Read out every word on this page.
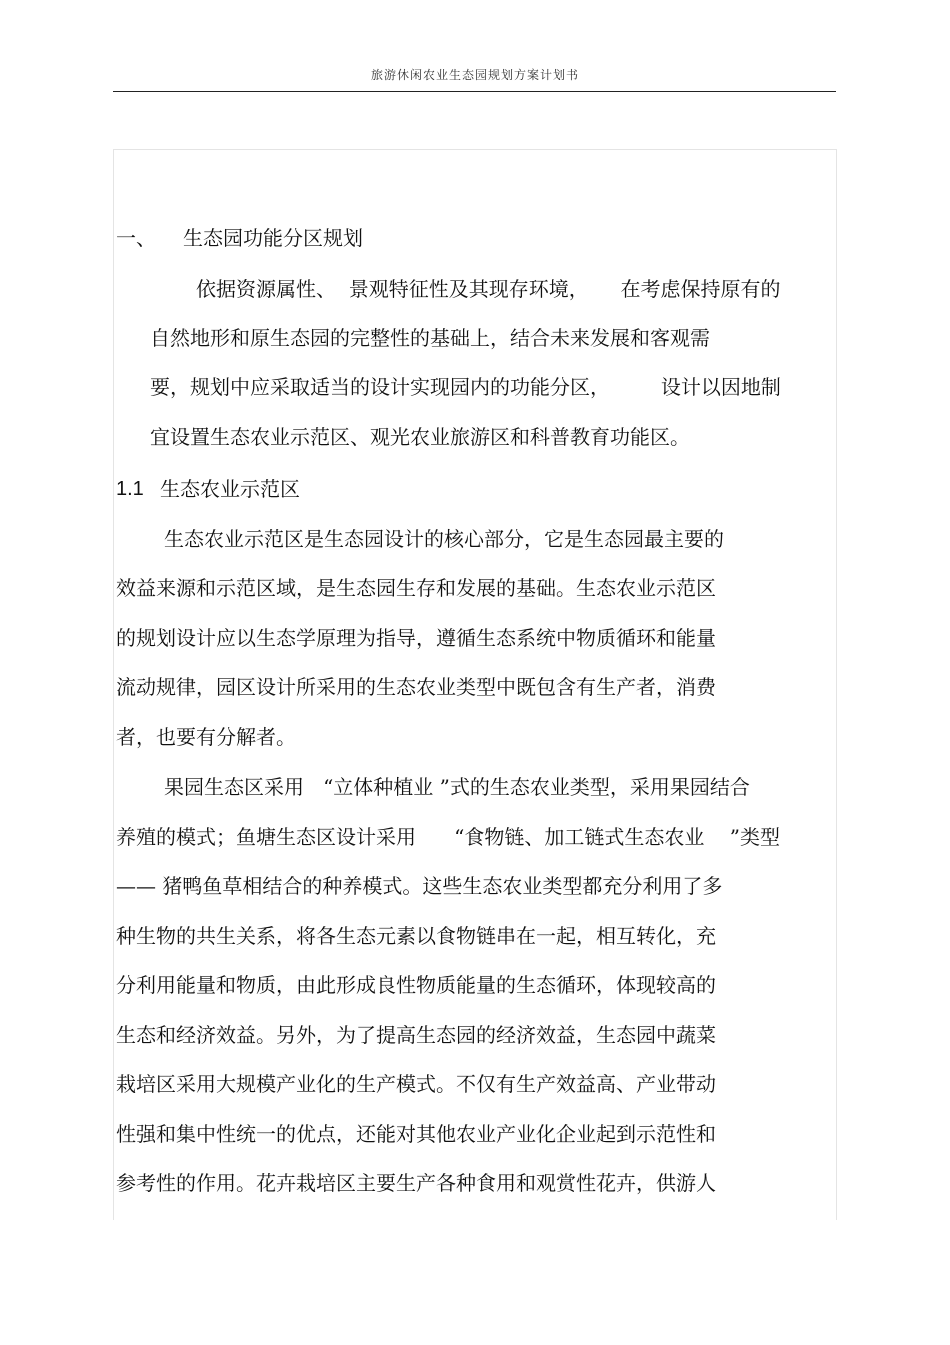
旅游休闲农业生态园规划方案计划书
一、 生态园功能分区规划
依据资源属性、  景观特征性及其现存环境，     在考虑保持原有的
自然地形和原生态园的完整性的基础上，结合未来发展和客观需
要，规划中应采取适当的设计实现园内的功能分区，        设计以因地制
宜设置生态农业示范区、观光农业旅游区和科普教育功能区。
1.1 生态农业示范区
生态农业示范区是生态园设计的核心部分，它是生态园最主要的
效益来源和示范区域，是生态园生存和发展的基础。生态农业示范区
的规划设计应以生态学原理为指导，遵循生态系统中物质循环和能量
流动规律，园区设计所采用的生态农业类型中既包含有生产者，消费
者，也要有分解者。
果园生态区采用   “立体种植业 ”式的生态农业类型，采用果园结合
养殖的模式；鱼塘生态区设计采用      “食物链、加工链式生态农业    ”类型
—— 猪鸭鱼草相结合的种养模式。这些生态农业类型都充分利用了多
种生物的共生关系，将各生态元素以食物链串在一起，相互转化，充
分利用能量和物质，由此形成良性物质能量的生态循环，体现较高的
生态和经济效益。另外，为了提高生态园的经济效益，生态园中蔬菜
栽培区采用大规模产业化的生产模式。不仅有生产效益高、产业带动
性强和集中性统一的优点，还能对其他农业产业化企业起到示范性和
参考性的作用。花卉栽培区主要生产各种食用和观赏性花卉，供游人
